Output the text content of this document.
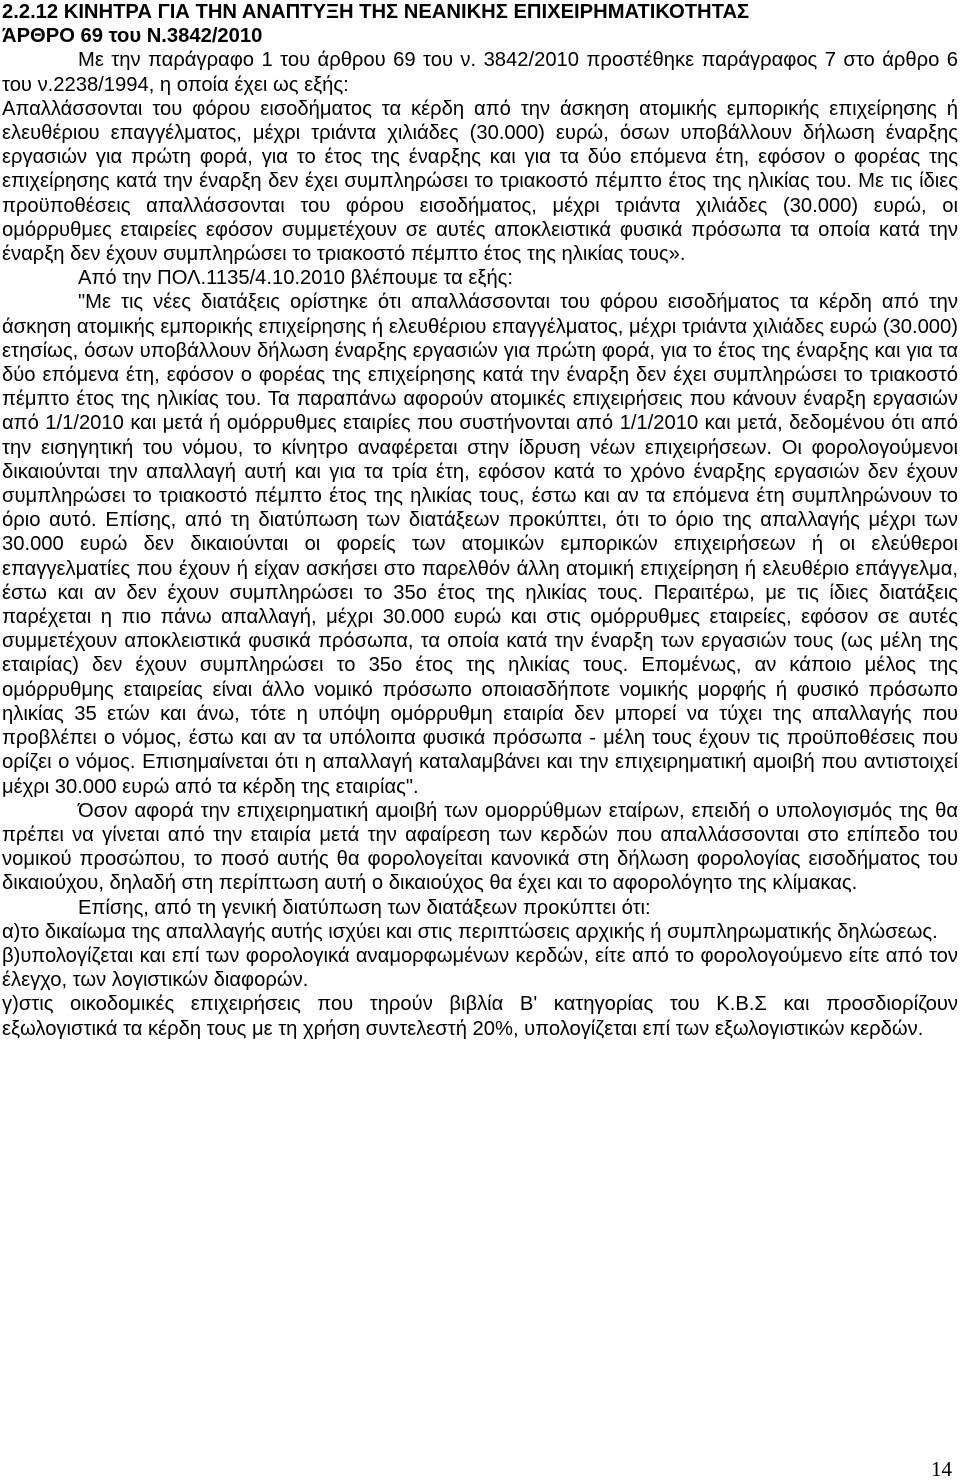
2.2.12 ΚΙΝΗΤΡΑ ΓΙΑ ΤΗΝ ΑΝΑΠΤΥΞΗ ΤΗΣ ΝΕΑΝΙΚΗΣ ΕΠΙΧΕΙΡΗΜΑΤΙΚΟΤΗΤΑΣ
ΆΡΘΡΟ 69 του Ν.3842/2010

Με την παράγραφο 1 του άρθρου 69 του ν. 3842/2010 προστέθηκε παράγραφος 7 στο άρθρο 6 του ν.2238/1994, η οποία έχει ως εξής:

Απαλλάσσονται του φόρου εισοδήματος τα κέρδη από την άσκηση ατομικής εμπορικής επιχείρησης ή ελευθέριου επαγγέλματος, μέχρι τριάντα χιλιάδες (30.000) ευρώ, όσων υποβάλλουν δήλωση έναρξης εργασιών για πρώτη φορά, για το έτος της έναρξης και για τα δύο επόμενα έτη, εφόσον ο φορέας της επιχείρησης κατά την έναρξη δεν έχει συμπληρώσει το τριακοστό πέμπτο έτος της ηλικίας του. Με τις ίδιες προϋποθέσεις απαλλάσσονται του φόρου εισοδήματος, μέχρι τριάντα χιλιάδες (30.000) ευρώ, οι ομόρρυθμες εταιρείες εφόσον συμμετέχουν σε αυτές αποκλειστικά φυσικά πρόσωπα τα οποία κατά την έναρξη δεν έχουν συμπληρώσει το τριακοστό πέμπτο έτος της ηλικίας τους».

Από την ΠΟΛ.1135/4.10.2010 βλέπουμε τα εξής:

"Με τις νέες διατάξεις ορίστηκε ότι απαλλάσσονται του φόρου εισοδήματος τα κέρδη από την άσκηση ατομικής εμπορικής επιχείρησης ή ελευθέριου επαγγέλματος, μέχρι τριάντα χιλιάδες ευρώ (30.000) ετησίως, όσων υποβάλλουν δήλωση έναρξης εργασιών για πρώτη φορά, για το έτος της έναρξης και για τα δύο επόμενα έτη, εφόσον ο φορέας της επιχείρησης κατά την έναρξη δεν έχει συμπληρώσει το τριακοστό πέμπτο έτος της ηλικίας του. Τα παραπάνω αφορούν ατομικές επιχειρήσεις που κάνουν έναρξη εργασιών από 1/1/2010 και μετά ή ομόρρυθμες εταιρίες που συστήνονται από 1/1/2010 και μετά, δεδομένου ότι από την εισηγητική του νόμου, το κίνητρο αναφέρεται στην ίδρυση νέων επιχειρήσεων. Οι φορολογούμενοι δικαιούνται την απαλλαγή αυτή και για τα τρία έτη, εφόσον κατά το χρόνο έναρξης εργασιών δεν έχουν συμπληρώσει το τριακοστό πέμπτο έτος της ηλικίας τους, έστω και αν τα επόμενα έτη συμπληρώνουν το όριο αυτό. Επίσης, από τη διατύπωση των διατάξεων προκύπτει, ότι το όριο της απαλλαγής μέχρι των 30.000 ευρώ δεν δικαιούνται οι φορείς των ατομικών εμπορικών επιχειρήσεων ή οι ελεύθεροι επαγγελματίες που έχουν ή είχαν ασκήσει στο παρελθόν άλλη ατομική επιχείρηση ή ελευθέριο επάγγελμα, έστω και αν δεν έχουν συμπληρώσει το 35ο έτος της ηλικίας τους. Περαιτέρω, με τις ίδιες διατάξεις παρέχεται η πιο πάνω απαλλαγή, μέχρι 30.000 ευρώ και στις ομόρρυθμες εταιρείες, εφόσον σε αυτές συμμετέχουν αποκλειστικά φυσικά πρόσωπα, τα οποία κατά την έναρξη των εργασιών τους (ως μέλη της εταιρίας) δεν έχουν συμπληρώσει το 35ο έτος της ηλικίας τους. Επομένως, αν κάποιο μέλος της ομόρρυθμης εταιρείας είναι άλλο νομικό πρόσωπο οποιασδήποτε νομικής μορφής ή φυσικό πρόσωπο ηλικίας 35 ετών και άνω, τότε η υπόψη ομόρρυθμη εταιρία δεν μπορεί να τύχει της απαλλαγής που προβλέπει ο νόμος, έστω και αν τα υπόλοιπα φυσικά πρόσωπα - μέλη τους έχουν τις προϋποθέσεις που ορίζει ο νόμος. Επισημαίνεται ότι η απαλλαγή καταλαμβάνει και την επιχειρηματική αμοιβή που αντιστοιχεί μέχρι 30.000 ευρώ από τα κέρδη της εταιρίας".

Όσον αφορά την επιχειρηματική αμοιβή των ομορρύθμων εταίρων, επειδή ο υπολογισμός της θα πρέπει να γίνεται από την εταιρία μετά την αφαίρεση των κερδών που απαλλάσσονται στο επίπεδο του νομικού προσώπου, το ποσό αυτής θα φορολογείται κανονικά στη δήλωση φορολογίας εισοδήματος του δικαιούχου, δηλαδή στη περίπτωση αυτή ο δικαιούχος θα έχει και το αφορολόγητο της κλίμακας.

Επίσης, από τη γενική διατύπωση των διατάξεων προκύπτει ότι:

α)το δικαίωμα της απαλλαγής αυτής ισχύει και στις περιπτώσεις αρχικής ή συμπληρωματικής δηλώσεως.

β)υπολογίζεται και επί των φορολογικά αναμορφωμένων κερδών, είτε από το φορολογούμενο είτε από τον έλεγχο, των λογιστικών διαφορών.

γ)στις οικοδομικές επιχειρήσεις που τηρούν βιβλία Β' κατηγορίας του Κ.Β.Σ και προσδιορίζουν εξωλογιστικά τα κέρδη τους με τη χρήση συντελεστή 20%, υπολογίζεται επί των εξωλογιστικών κερδών.

14
